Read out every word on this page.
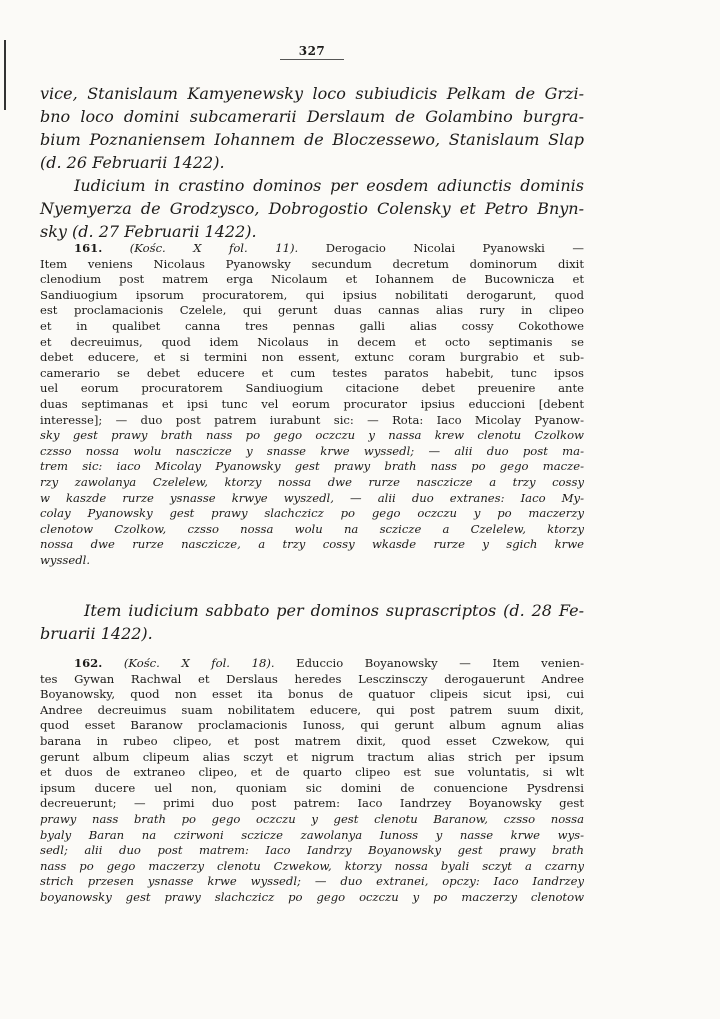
327
vice, Stanislaum Kamyenewsky loco subiudicis Pelkam de Grzi-
bno loco domini subcamerarii Derslaum de Golambino burgra-
bium Poznaniensem Iohannem de Bloczessewo, Stanislaum Slap
(d. 26 Februarii 1422).
Iudicium in crastino dominos per eosdem adiunctis dominis
Nyemyerza de Grodzysco, Dobrogostio Colensky et Petro Bnyn-
sky (d. 27 Februarii 1422).
161. (Kośc. X fol. 11). Derogacio Nicolai Pyanowski —
Item veniens Nicolaus Pyanowsky secundum decretum dominorum dixit
clenodium post matrem erga Nicolaum et Iohannem de Bucownicza et
Sandiuogium ipsorum procuratorem, qui ipsius nobilitati derogarunt, quod
est proclamacionis Czelele, qui gerunt duas cannas alias rury in clipeo
et in qualibet canna tres pennas galli alias cossy Cokothowe
et decreuimus, quod idem Nicolaus in decem et octo septimanis se
debet educere, et si termini non essent, extunc coram burgrabio et sub-
camerario se debet educere et cum testes paratos habebit, tunc ipsos
uel eorum procuratorem Sandiuogium citacione debet preuenire ante
duas septimanas et ipsi tunc vel eorum procurator ipsius educcioni [debent
interesse]; — duo post patrem iurabunt sic: — Rota: Iaco Micolay Pyanow-
sky gest prawy brath nass po gego oczczu y nassa krew clenotu Czolkow
czsso nossa wolu nasczicze y snasse krwe wyssedl; — alii duo post ma-
trem sic: iaco Micolay Pyanowsky gest prawy brath nass po gego macze-
rzy zawolanya Czelelew, ktorzy nossa dwe rurze nasczicze a trzy cossy
w kaszde rurze ysnasse krwye wyszedl, — alii duo extranes: Iaco My-
colay Pyanowsky gest prawy slachczicz po gego oczczu y po maczerzy
clenotow Czolkow, czsso nossa wolu na sczicze a Czelelew, ktorzy
nossa dwe rurze nasczicze, a trzy cossy wkasde rurze y sgich krwe
wyssedl.
Item iudicium sabbato per dominos suprascriptos (d. 28 Fe-
bruarii 1422).
162. (Kośc. X fol. 18). Educcio Boyanowsky — Item venien-
tes Gywan Rachwal et Derslaus heredes Lesczinsczy derogauerunt Andree
Boyanowsky, quod non esset ita bonus de quatuor clipeis sicut ipsi, cui
Andree decreuimus suam nobilitatem educere, qui post patrem suum dixit,
quod esset Baranow proclamacionis Iunoss, qui gerunt album agnum alias
barana in rubeo clipeo, et post matrem dixit, quod esset Czwekow, qui
gerunt album clipeum alias sczyt et nigrum tractum alias strich per ipsum
et duos de extraneo clipeo, et de quarto clipeo est sue voluntatis, si wlt
ipsum ducere uel non, quoniam sic domini de conuencione Pysdrensi
decreuerunt; — primi duo post patrem: Iaco Iandrzey Boyanowsky gest
prawy nass brath po gego oczczu y gest clenotu Baranow, czsso nossa
byaly Baran na czirwoni sczicze zawolanya Iunoss y nasse krwe wys-
sedl; alii duo post matrem: Iaco Iandrzy Boyanowsky gest prawy brath
nass po gego maczerzy clenotu Czwekow, ktorzy nossa byali sczyt a czarny
strich przesen ysnasse krwe wyssedl; — duo extranei, opczy: Iaco Iandrzey
boyanowsky gest prawy slachczicz po gego oczczu y po maczerzy clenotow
